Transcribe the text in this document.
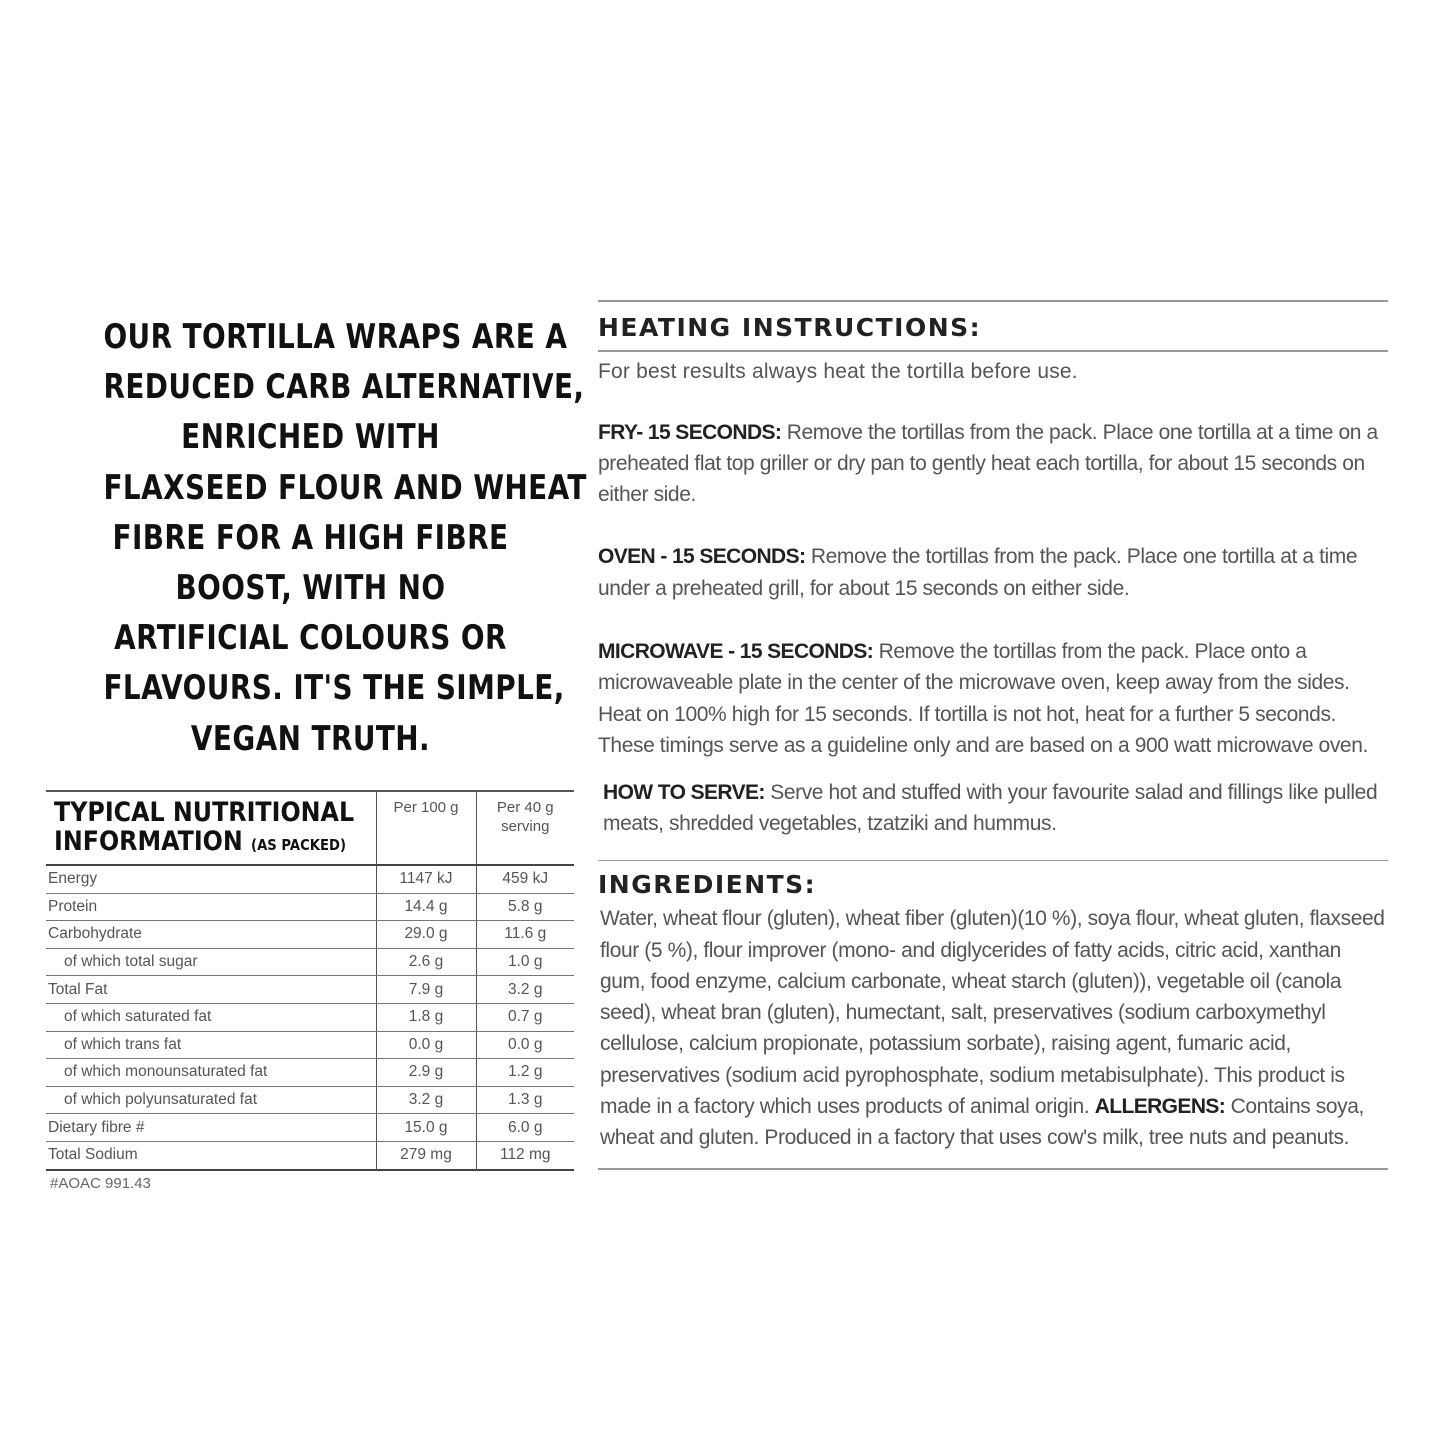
OUR TORTILLA WRAPS ARE A
REDUCED CARB ALTERNATIVE,
ENRICHED WITH
FLAXSEED FLOUR AND WHEAT
FIBRE FOR A HIGH FIBRE
BOOST, WITH NO
ARTIFICIAL COLOURS OR
FLAVOURS. IT'S THE SIMPLE,
VEGAN TRUTH.
TYPICAL NUTRITIONAL
INFORMATION (AS PACKED)	Per 100 g	Per 40 g
serving
Energy	1147 kJ	459 kJ
Protein	14.4 g	5.8 g
Carbohydrate	29.0 g	11.6 g
of which total sugar	2.6 g	1.0 g
Total Fat	7.9 g	3.2 g
of which saturated fat	1.8 g	0.7 g
of which trans fat	0.0 g	0.0 g
of which monounsaturated fat	2.9 g	1.2 g
of which polyunsaturated fat	3.2 g	1.3 g
Dietary fibre #	15.0 g	6.0 g
Total Sodium	279 mg	112 mg
#AOAC 991.43
HEATING INSTRUCTIONS:
For best results always heat the tortilla before use.
FRY- 15 SECONDS: Remove the tortillas from the pack. Place one tortilla at a time on a preheated flat top griller or dry pan to gently heat each tortilla, for about 15 seconds on either side.
OVEN - 15 SECONDS: Remove the tortillas from the pack. Place one tortilla at a time under a preheated grill, for about 15 seconds on either side.
MICROWAVE - 15 SECONDS: Remove the tortillas from the pack. Place onto a microwaveable plate in the center of the microwave oven, keep away from the sides. Heat on 100% high for 15 seconds. If tortilla is not hot, heat for a further 5 seconds. These timings serve as a guideline only and are based on a 900 watt microwave oven.
HOW TO SERVE: Serve hot and stuffed with your favourite salad and fillings like pulled meats, shredded vegetables, tzatziki and hummus.
INGREDIENTS:
Water, wheat flour (gluten), wheat fiber (gluten)(10 %), soya flour, wheat gluten, flaxseed flour (5 %), flour improver (mono- and diglycerides of fatty acids, citric acid, xanthan gum, food enzyme, calcium carbonate, wheat starch (gluten)), vegetable oil (canola seed), wheat bran (gluten), humectant, salt, preservatives (sodium carboxymethyl cellulose, calcium propionate, potassium sorbate), raising agent, fumaric acid, preservatives (sodium acid pyrophosphate, sodium metabisulphate). This product is made in a factory which uses products of animal origin. ALLERGENS: Contains soya, wheat and gluten. Produced in a factory that uses cow's milk, tree nuts and peanuts.
